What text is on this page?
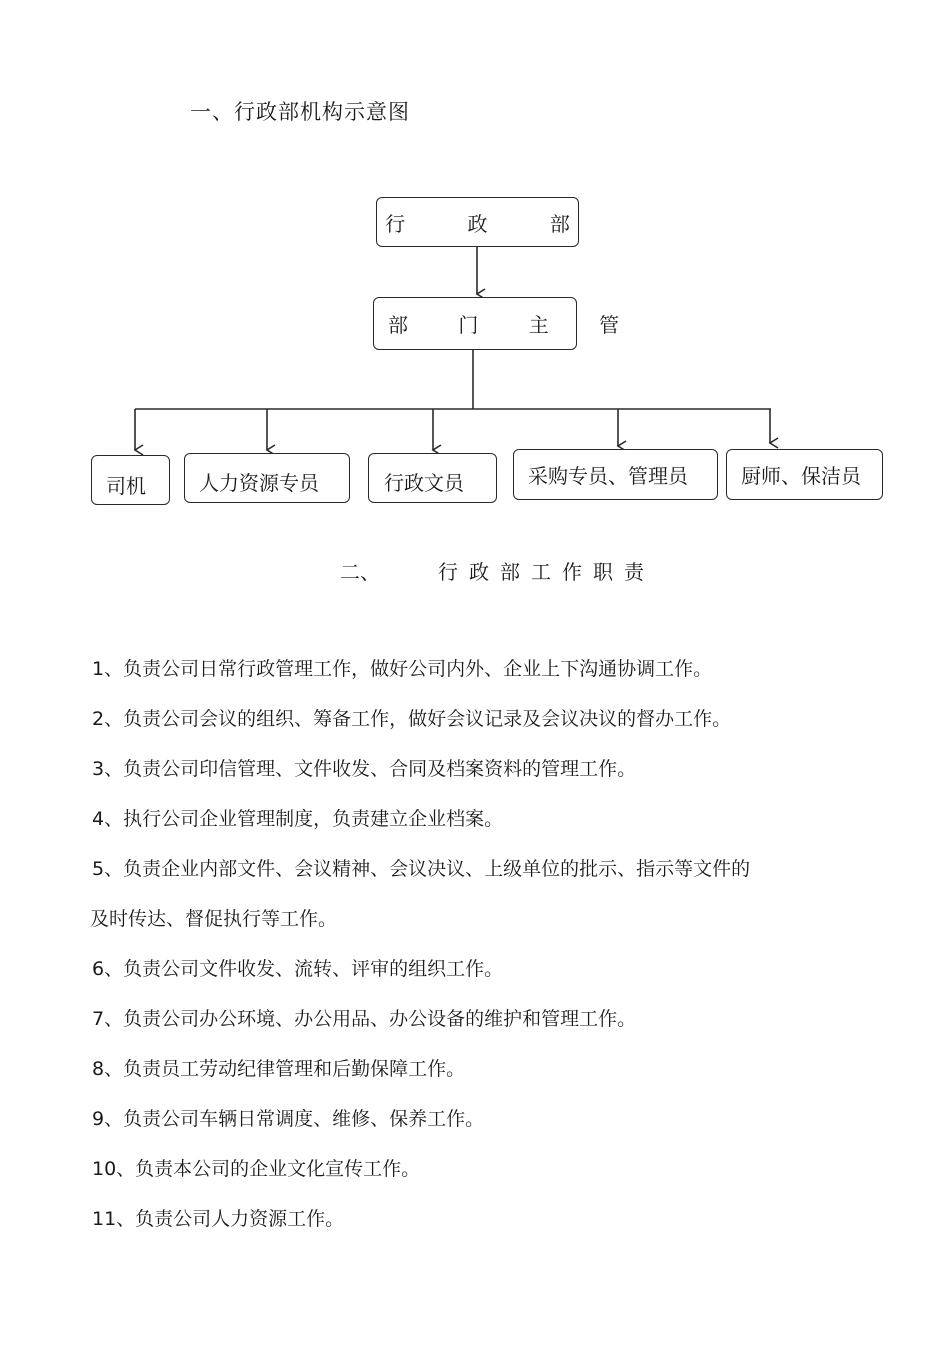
一、行政部机构示意图
行 政 部
部 门 主 管
司机	人力资源专员	行政文员	采购专员、管理员	厨师、保洁员
二、	行政部工作职责
1、负责公司日常行政管理工作，做好公司内外、企业上下沟通协调工作。
2、负责公司会议的组织、筹备工作，做好会议记录及会议决议的督办工作。
3、负责公司印信管理、文件收发、合同及档案资料的管理工作。
4、执行公司企业管理制度，负责建立企业档案。
5、负责企业内部文件、会议精神、会议决议、上级单位的批示、指示等文件的
及时传达、督促执行等工作。
6、负责公司文件收发、流转、评审的组织工作。
7、负责公司办公环境、办公用品、办公设备的维护和管理工作。
8、负责员工劳动纪律管理和后勤保障工作。
9、负责公司车辆日常调度、维修、保养工作。
10、负责本公司的企业文化宣传工作。
11、负责公司人力资源工作。
